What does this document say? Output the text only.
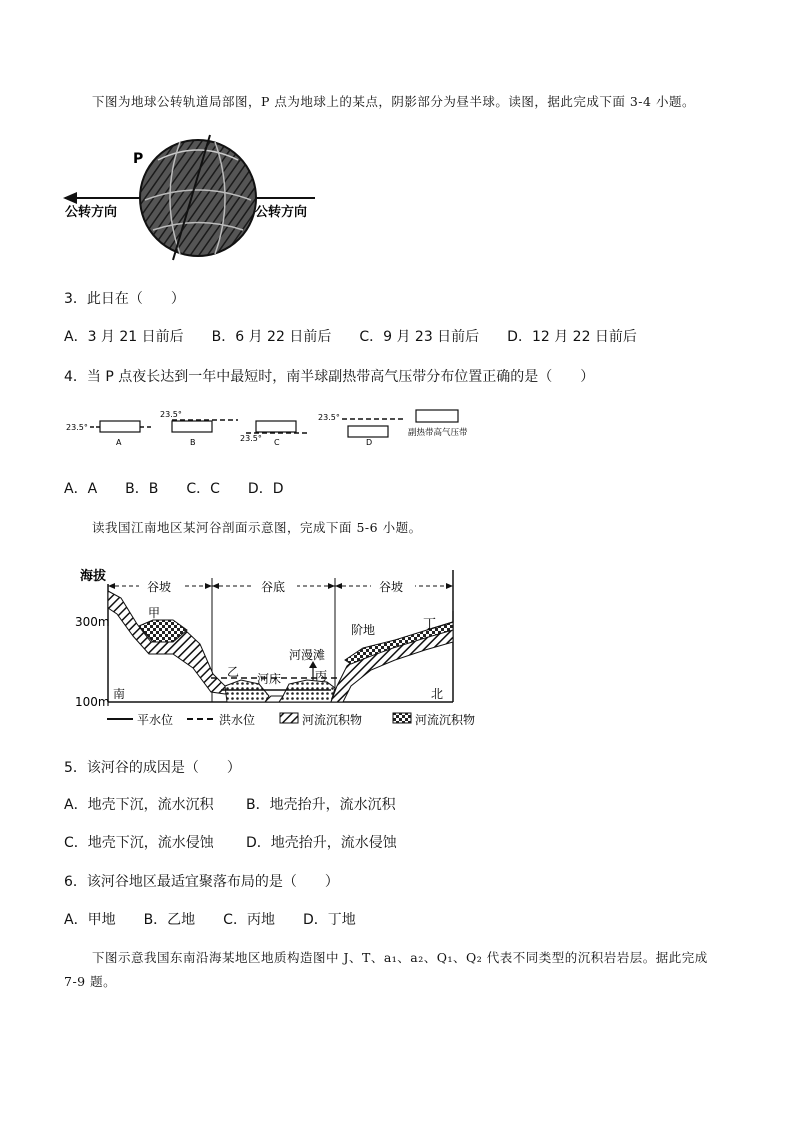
下图为地球公转轨道局部图，P 点为地球上的某点，阴影部分为昼半球。读图，据此完成下面 3-4 小题。
P
公转方向	公转方向
3．此日在（　　）
A．3 月 21 日前后　　B．6 月 22 日前后　　C．9 月 23 日前后　　D．12 月 22 日前后
4．当 P 点夜长达到一年中最短时，南半球副热带高气压带分布位置正确的是（　　）
23.5°
A
23.5°
B	23.5° C
23.5°
D
副热带高气压带
A．A　　B．B　　C．C　　D．D
读我国江南地区某河谷剖面示意图，完成下面 5-6 小题。
谷坡	谷底	谷坡
海拔
300m
100m
甲
乙 河床	丙
河漫滩
阶地	丁
南	北
平水位	洪水位	河流沉积物	河流沉积物
5．该河谷的成因是（　　）
A．地壳下沉，流水沉积 B．地壳抬升，流水沉积
C．地壳下沉，流水侵蚀 D．地壳抬升，流水侵蚀
6．该河谷地区最适宜聚落布局的是（　　）
A．甲地　　B．乙地　　C．丙地　　D．丁地
下图示意我国东南沿海某地区地质构造图中 J、T、a₁、a₂、Q₁、Q₂ 代表不同类型的沉积岩岩层。据此完成
7-9 题。
